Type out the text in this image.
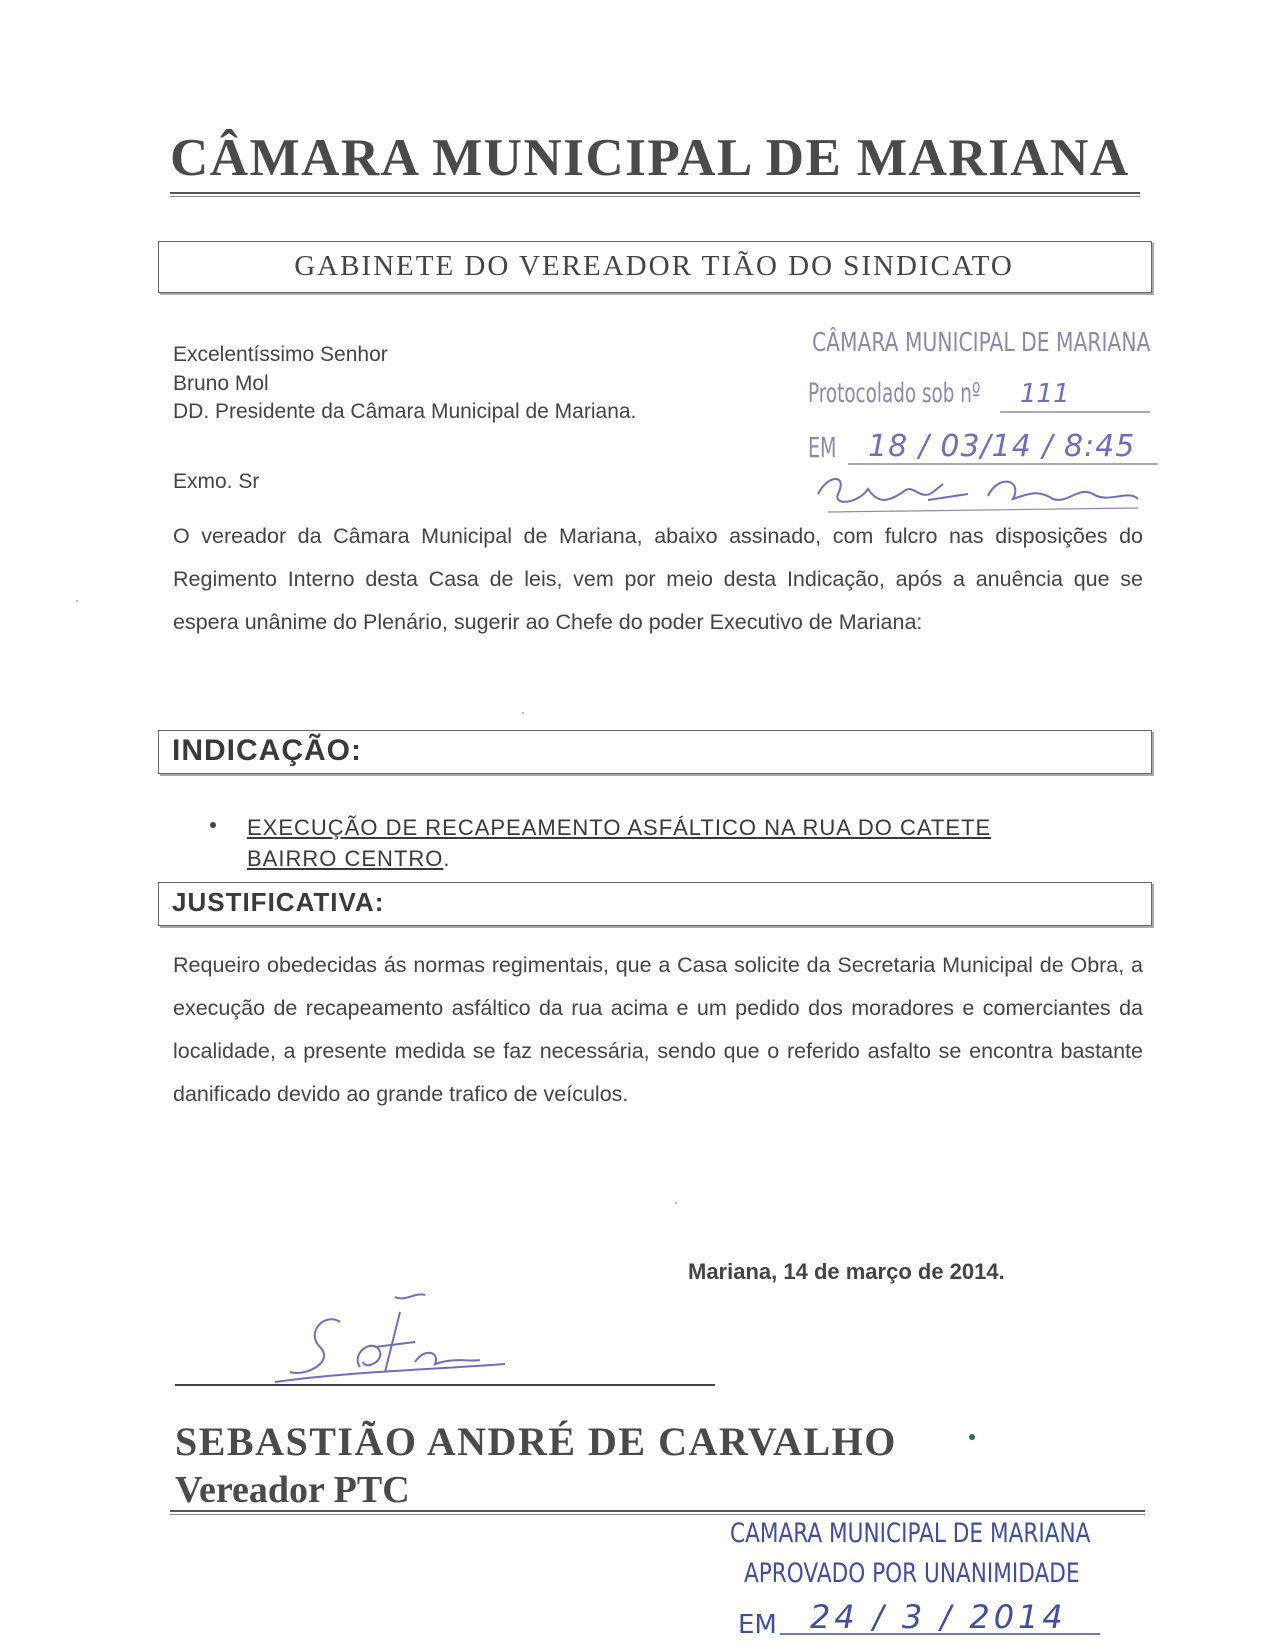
CÂMARA MUNICIPAL DE MARIANA
GABINETE DO VEREADOR TIÃO DO SINDICATO
Excelentíssimo Senhor
Bruno Mol
DD. Presidente da Câmara Municipal de Mariana.
CÂMARA MUNICIPAL DE MARIANA
Protocolado sob nº 111
EM 18 / 03/14 / 8:45
Exmo. Sr
O vereador da Câmara Municipal de Mariana, abaixo assinado, com fulcro nas disposições do Regimento Interno desta Casa de leis, vem por meio desta Indicação, após a anuência que se espera unânime do Plenário, sugerir ao Chefe do poder Executivo de Mariana:
INDICAÇÃO:
EXECUÇÃO DE RECAPEAMENTO ASFÁLTICO NA RUA DO CATETE
BAIRRO CENTRO.
JUSTIFICATIVA:
Requeiro obedecidas ás normas regimentais, que a Casa solicite da Secretaria Municipal de Obra, a execução de recapeamento asfáltico da rua acima e um pedido dos moradores e comerciantes da localidade, a presente medida se faz necessária, sendo que o referido asfalto se encontra bastante danificado devido ao grande trafico de veículos.
Mariana, 14 de março de 2014.
SEBASTIÃO ANDRÉ DE CARVALHO
Vereador PTC
CAMARA MUNICIPAL DE MARIANA
APROVADO POR UNANIMIDADE
EM 24 / 3 / 2014
